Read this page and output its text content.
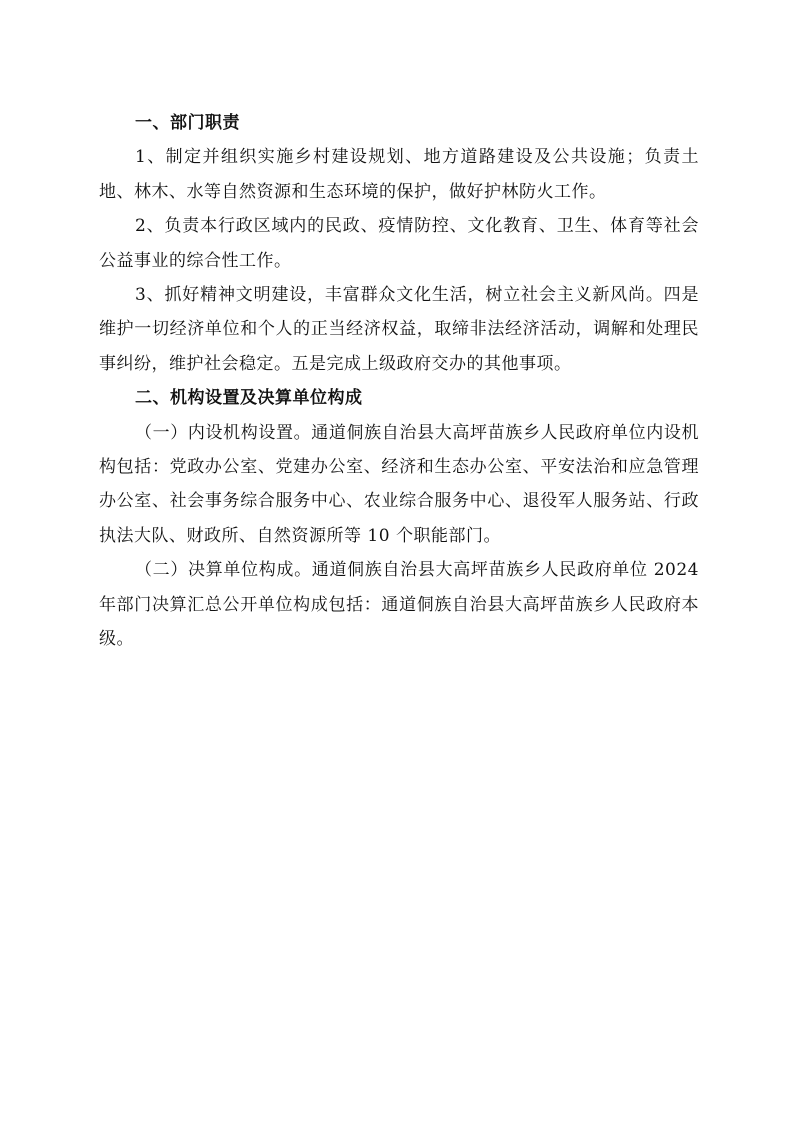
一、部门职责

1、制定并组织实施乡村建设规划、地方道路建设及公共设施；负责土地、林木、水等自然资源和生态环境的保护，做好护林防火工作。

2、负责本行政区域内的民政、疫情防控、文化教育、卫生、体育等社会公益事业的综合性工作。

3、抓好精神文明建设，丰富群众文化生活，树立社会主义新风尚。四是维护一切经济单位和个人的正当经济权益，取缔非法经济活动，调解和处理民事纠纷，维护社会稳定。五是完成上级政府交办的其他事项。

二、机构设置及决算单位构成

（一）内设机构设置。通道侗族自治县大高坪苗族乡人民政府单位内设机构包括：党政办公室、党建办公室、经济和生态办公室、平安法治和应急管理办公室、社会事务综合服务中心、农业综合服务中心、退役军人服务站、行政执法大队、财政所、自然资源所等 10 个职能部门。

（二）决算单位构成。通道侗族自治县大高坪苗族乡人民政府单位 2024 年部门决算汇总公开单位构成包括：通道侗族自治县大高坪苗族乡人民政府本级。
